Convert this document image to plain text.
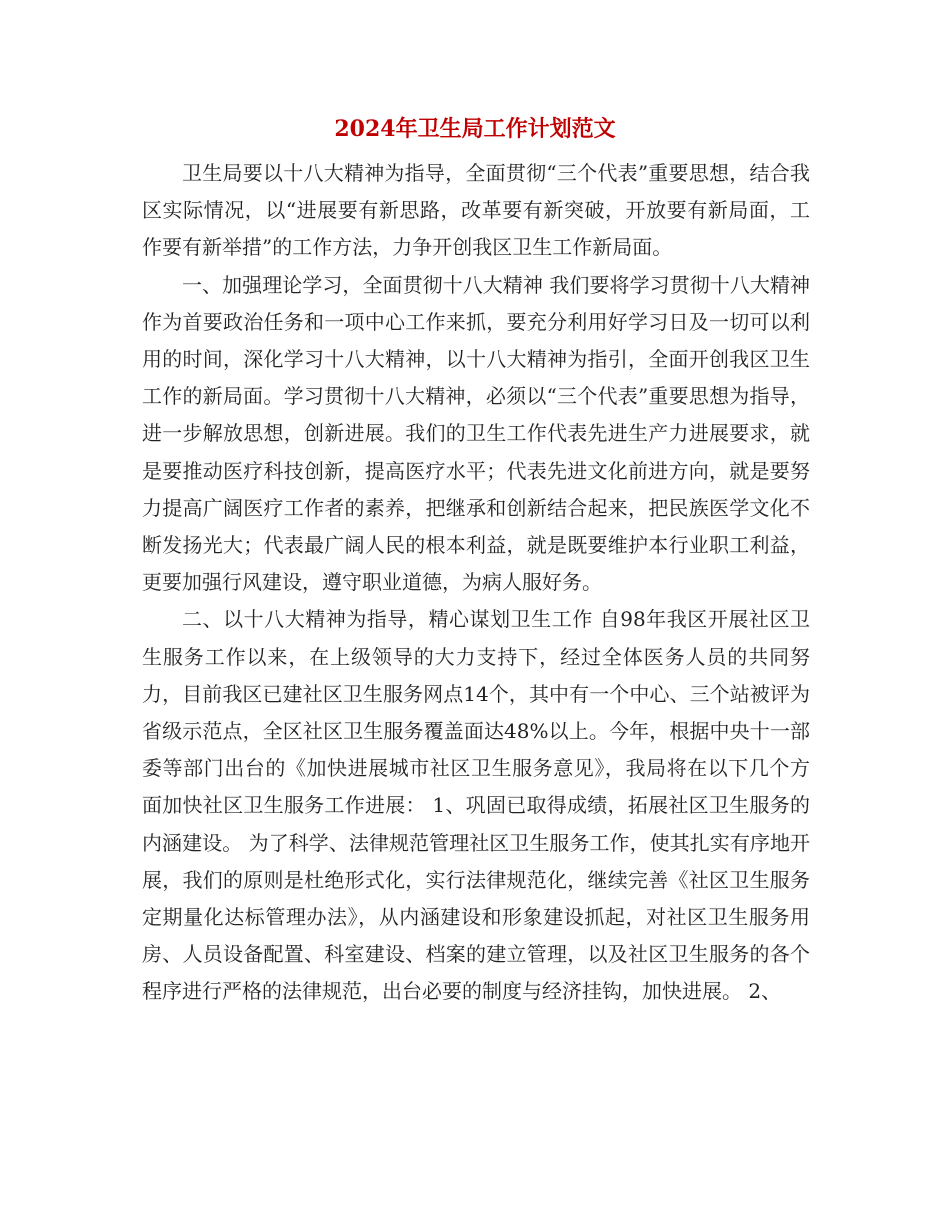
2024年卫生局工作计划范文

卫生局要以十八大精神为指导，全面贯彻“三个代表”重要思想，结合我区实际情况，以“进展要有新思路，改革要有新突破，开放要有新局面，工作要有新举措”的工作方法，力争开创我区卫生工作新局面。

一、加强理论学习，全面贯彻十八大精神 我们要将学习贯彻十八大精神作为首要政治任务和一项中心工作来抓，要充分利用好学习日及一切可以利用的时间，深化学习十八大精神，以十八大精神为指引，全面开创我区卫生工作的新局面。学习贯彻十八大精神，必须以“三个代表”重要思想为指导，进一步解放思想，创新进展。我们的卫生工作代表先进生产力进展要求，就是要推动医疗科技创新，提高医疗水平；代表先进文化前进方向，就是要努力提高广阔医疗工作者的素养，把继承和创新结合起来，把民族医学文化不断发扬光大；代表最广阔人民的根本利益，就是既要维护本行业职工利益，更要加强行风建设，遵守职业道德，为病人服好务。

二、以十八大精神为指导，精心谋划卫生工作 自98年我区开展社区卫生服务工作以来，在上级领导的大力支持下，经过全体医务人员的共同努力，目前我区已建社区卫生服务网点14个，其中有一个中心、三个站被评为省级示范点，全区社区卫生服务覆盖面达48%以上。今年，根据中央十一部委等部门出台的《加快进展城市社区卫生服务意见》，我局将在以下几个方面加快社区卫生服务工作进展： 1、巩固已取得成绩，拓展社区卫生服务的内涵建设。 为了科学、法律规范管理社区卫生服务工作，使其扎实有序地开展，我们的原则是杜绝形式化，实行法律规范化，继续完善《社区卫生服务定期量化达标管理办法》，从内涵建设和形象建设抓起，对社区卫生服务用房、人员设备配置、科室建设、档案的建立管理，以及社区卫生服务的各个程序进行严格的法律规范，出台必要的制度与经济挂钩，加快进展。 2、
